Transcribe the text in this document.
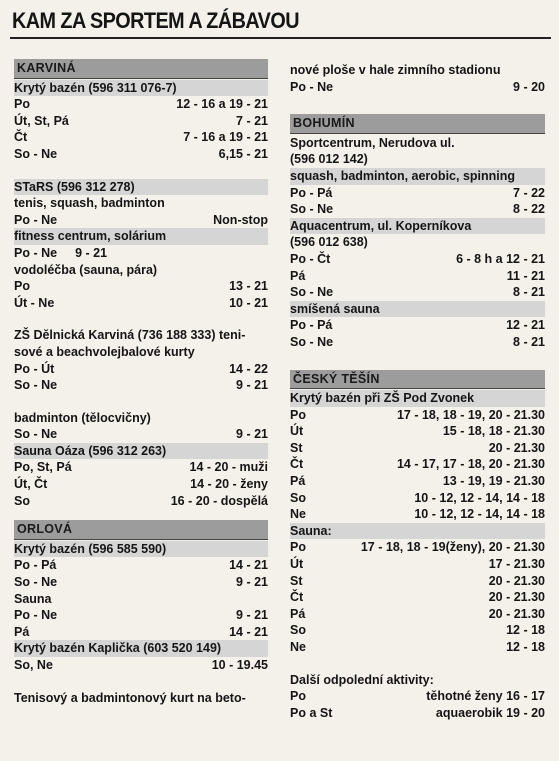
KAM ZA SPORTEM A ZÁBAVOU
KARVINÁ
Krytý bazén (596 311 076-7)
Po	12 - 16 a 19 - 21
Út, St, Pá	7 - 21
Čt	7 - 16 a 19 - 21
So - Ne	6,15 - 21
STaRS (596 312 278)
tenis, squash, badminton
Po - Ne	Non-stop
fitness centrum, solárium
Po - Ne	9 - 21
vodoléčba (sauna, pára)
Po	13 - 21
Út - Ne	10 - 21
ZŠ Dělnická Karviná (736 188 333) teni-
sové a beachvolejbalové kurty
Po - Út	14 - 22
So - Ne	9 - 21
badminton (tělocvičny)
So - Ne	9 - 21
Sauna Oáza (596 312 263)
Po, St, Pá	14 - 20 - muži
Út, Čt	14 - 20 - ženy
So	16 - 20 - dospělá
ORLOVÁ
Krytý bazén (596 585 590)
Po - Pá	14 - 21
So - Ne	9 - 21
Sauna
Po - Ne	9 - 21
Pá	14 - 21
Krytý bazén Kaplička (603 520 149)
So, Ne	10 - 19.45
Tenisový a badmintonový kurt na beto-
nové ploše v hale zimního stadionu
Po - Ne	9 - 20
BOHUMÍN
Sportcentrum, Nerudova ul.
(596 012 142)
squash, badminton, aerobic, spinning
Po - Pá	7 - 22
So - Ne	8 - 22
Aquacentrum, ul. Koperníkova
(596 012 638)
Po - Čt	6 - 8 h a 12 - 21
Pá	11 - 21
So - Ne	8 - 21
smíšená sauna
Po - Pá	12 - 21
So - Ne	8 - 21
ČESKÝ TĚŠÍN
Krytý bazén při ZŠ Pod Zvonek
Po	17 - 18, 18 - 19, 20 - 21.30
Út	15 - 18, 18 - 21.30
St	20 - 21.30
Čt	14 - 17, 17 - 18, 20 - 21.30
Pá	13 - 19, 19 - 21.30
So	10 - 12, 12 - 14, 14 - 18
Ne	10 - 12, 12 - 14, 14 - 18
Sauna:
Po	17 - 18, 18 - 19(ženy), 20 - 21.30
Út	17 - 21.30
St	20 - 21.30
Čt	20 - 21.30
Pá	20 - 21.30
So	12 - 18
Ne	12 - 18
Další odpolední aktivity:
Po	těhotné ženy 16 - 17
Po a St	aquaerobik 19 - 20
